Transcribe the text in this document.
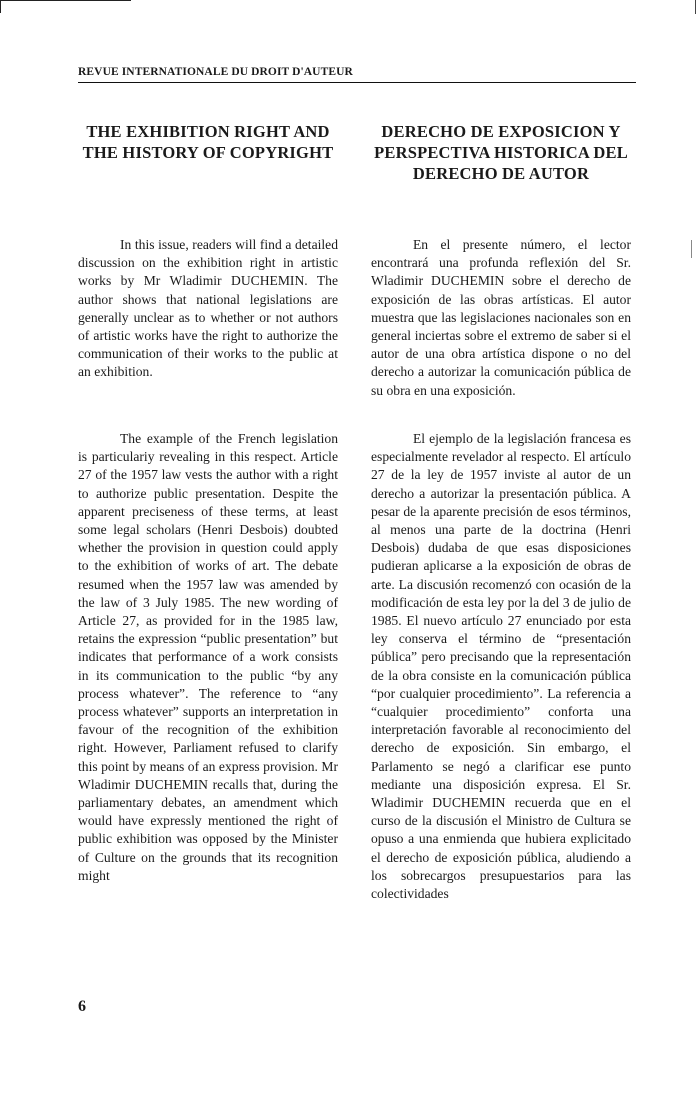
REVUE INTERNATIONALE DU DROIT D'AUTEUR
THE EXHIBITION RIGHT AND THE HISTORY OF COPYRIGHT

In this issue, readers will find a detailed discussion on the exhibition right in artistic works by Mr Wladimir DUCHEMIN. The author shows that national legislations are generally unclear as to whether or not authors of artistic works have the right to authorize the communication of their works to the public at an exhibition.

The example of the French legislation is particulariy revealing in this respect. Article 27 of the 1957 law vests the author with a right to authorize public presentation. Despite the apparent preciseness of these terms, at least some legal scholars (Henri Desbois) doubted whether the provision in question could apply to the exhibition of works of art. The debate resumed when the 1957 law was amended by the law of 3 July 1985. The new wording of Article 27, as provided for in the 1985 law, retains the expression “public presentation” but indicates that performance of a work consists in its communication to the public “by any process whatever”. The reference to “any process whatever” supports an interpretation in favour of the recognition of the exhibition right. However, Parliament refused to clarify this point by means of an express provision. Mr Wladimir DUCHEMIN recalls that, during the parliamentary debates, an amendment which would have expressly mentioned the right of public exhibition was opposed by the Minister of Culture on the grounds that its recognition might

DERECHO DE EXPOSICION Y PERSPECTIVA HISTORICA DEL DERECHO DE AUTOR

En el presente número, el lector encontrará una profunda reflexión del Sr. Wladimir DUCHEMIN sobre el derecho de exposición de las obras artísticas. El autor muestra que las legislaciones nacionales son en general inciertas sobre el extremo de saber si el autor de una obra artística dispone o no del derecho a autorizar la comunicación pública de su obra en una exposición.

El ejemplo de la legislación francesa es especialmente revelador al respecto. El artículo 27 de la ley de 1957 inviste al autor de un derecho a autorizar la presentación pública. A pesar de la aparente precisión de esos términos, al menos una parte de la doctrina (Henri Desbois) dudaba de que esas disposiciones pudieran aplicarse a la exposición de obras de arte. La discusión recomenzó con ocasión de la modificación de esta ley por la del 3 de julio de 1985. El nuevo artículo 27 enunciado por esta ley conserva el término de “presentación pública” pero precisando que la representación de la obra consiste en la comunicación pública “por cualquier procedimiento”. La referencia a “cualquier procedimiento” conforta una interpretación favorable al reconocimiento del derecho de exposición. Sin embargo, el Parlamento se negó a clarificar ese punto mediante una disposición expresa. El Sr. Wladimir DUCHEMIN recuerda que en el curso de la discusión el Ministro de Cultura se opuso a una enmienda que hubiera explicitado el derecho de exposición pública, aludiendo a los sobrecargos presupuestarios para las colectividades

6
